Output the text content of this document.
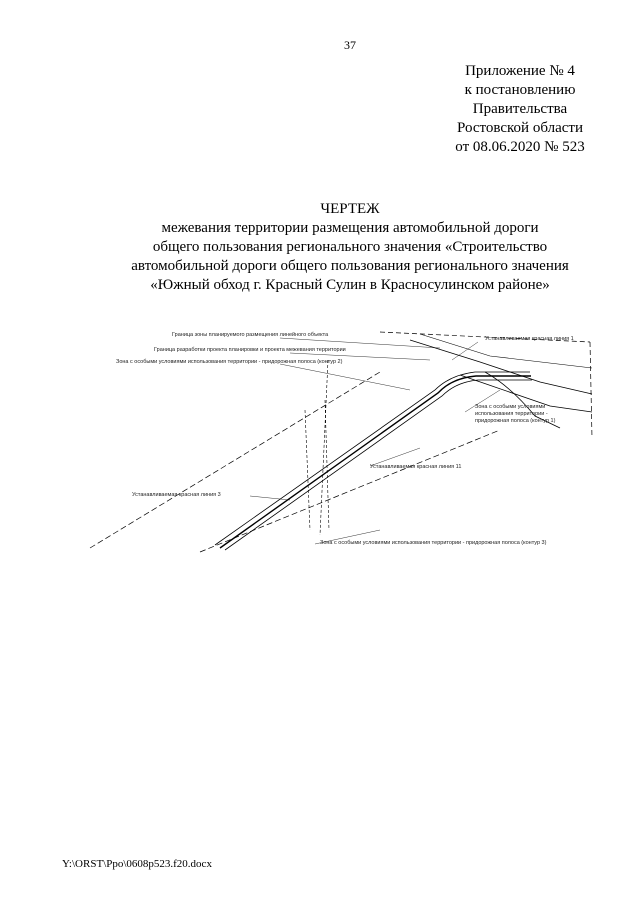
37
Приложение № 4
к постановлению
Правительства
Ростовской области
от 08.06.2020 № 523
ЧЕРТЕЖ
межевания территории размещения автомобильной дороги
общего пользования регионального значения «Строительство
автомобильной дороги общего пользования регионального значения
«Южный обход г. Красный Сулин в Красносулинском районе»
Граница зоны планируемого размещения линейного объекта
Граница разработки проекта планировки и проекта межевания территории
Зона с особыми условиями использования территории - придорожная полоса (контур 2)
Устанавливаемая красная линия 1
Зона с особыми условиями
использования территории -
придорожная полоса (контур 1)
Устанавливаемая красная линия 11
Устанавливаемая красная линия 3
Зона с особыми условиями использования территории - придорожная полоса (контур 3)
Y:\ORST\Ppo\0608p523.f20.docx
